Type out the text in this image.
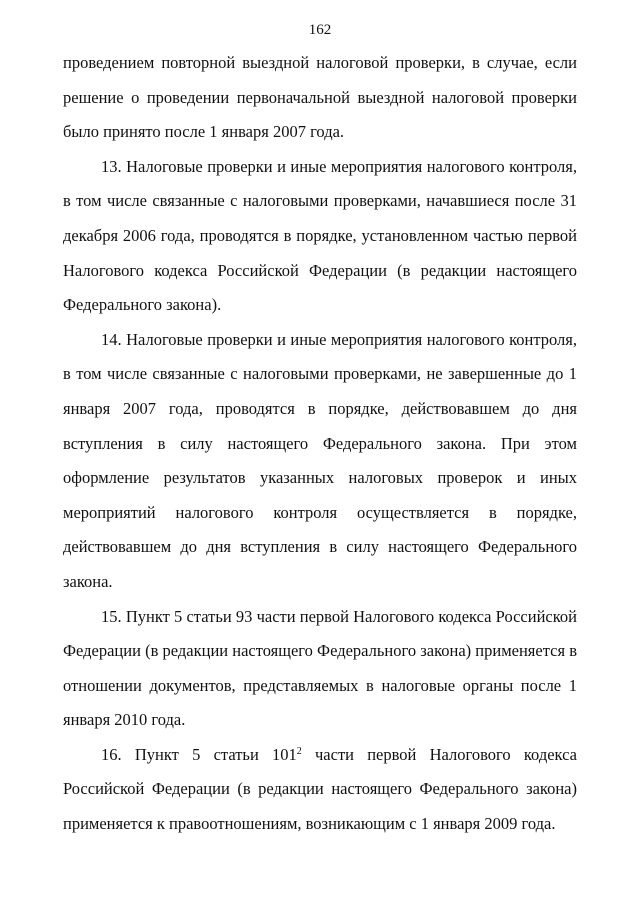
162

проведением повторной выездной налоговой проверки, в случае, если решение о проведении первоначальной выездной налоговой проверки было принято после 1 января 2007 года.

13. Налоговые проверки и иные мероприятия налогового контроля, в том числе связанные с налоговыми проверками, начавшиеся после 31 декабря 2006 года, проводятся в порядке, установленном частью первой Налогового кодекса Российской Федерации (в редакции настоящего Федерального закона).

14. Налоговые проверки и иные мероприятия налогового контроля, в том числе связанные с налоговыми проверками, не завершенные до 1 января 2007 года, проводятся в порядке, действовавшем до дня вступления в силу настоящего Федерального закона. При этом оформление результатов указанных налоговых проверок и иных мероприятий налогового контроля осуществляется в порядке, действовавшем до дня вступления в силу настоящего Федерального закона.

15. Пункт 5 статьи 93 части первой Налогового кодекса Российской Федерации (в редакции настоящего Федерального закона) применяется в отношении документов, представляемых в налоговые органы после 1 января 2010 года.

16. Пункт 5 статьи $101^2$ части первой Налогового кодекса Российской Федерации (в редакции настоящего Федерального закона) применяется к правоотношениям, возникающим с 1 января 2009 года.
